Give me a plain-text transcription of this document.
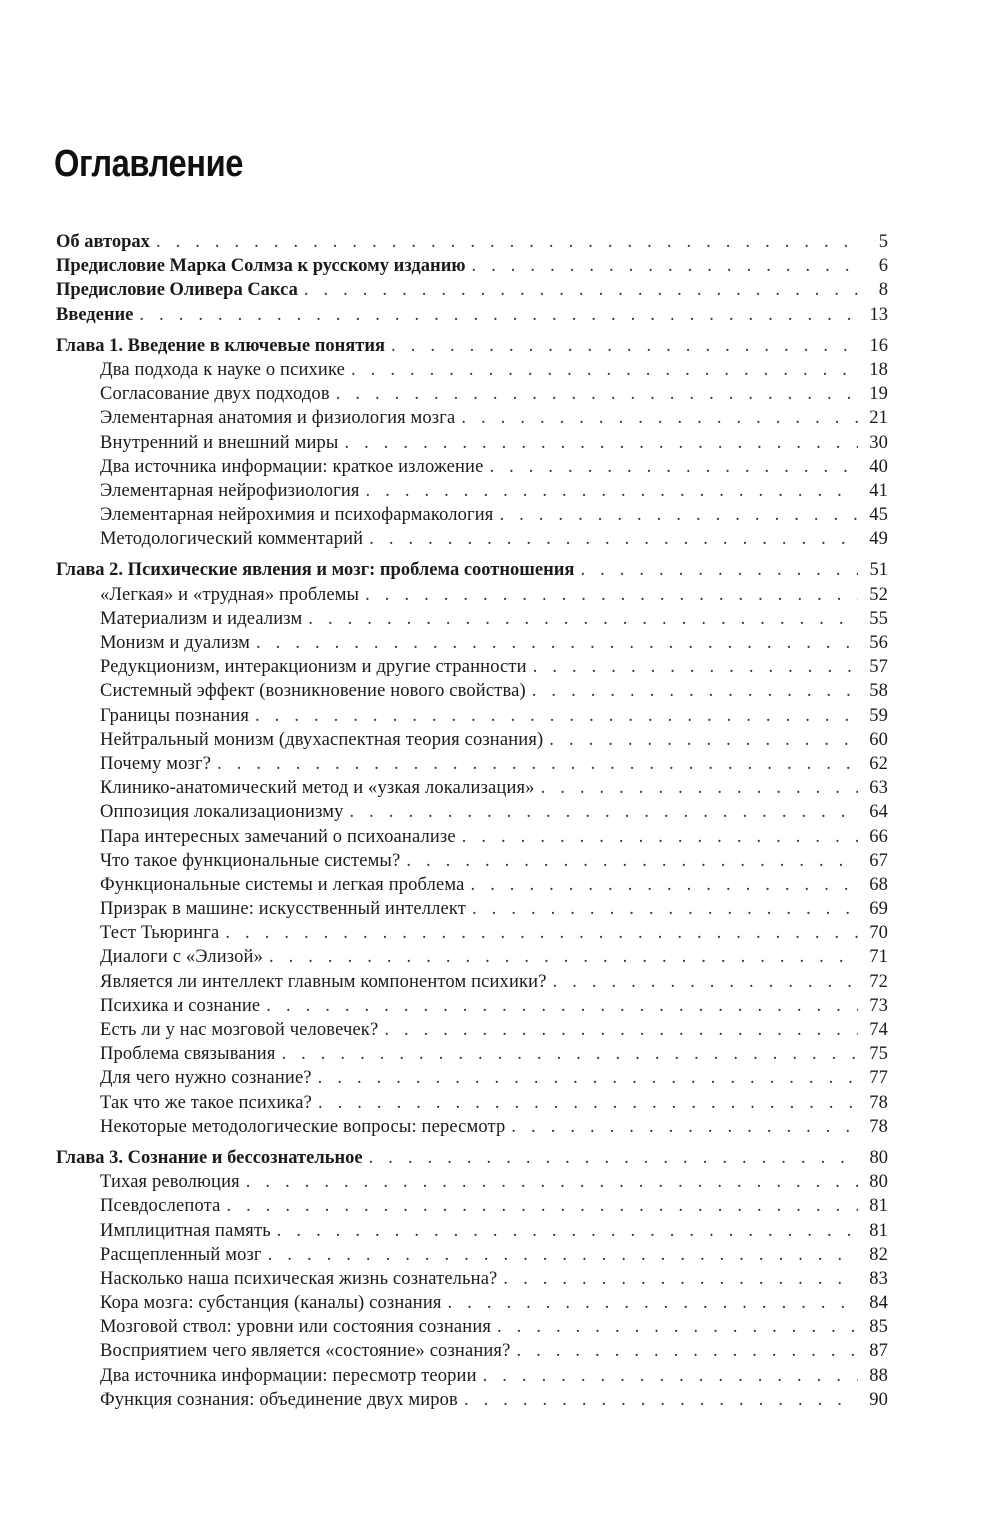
Оглавление
Об авторах . . .	5
Предисловие Марка Солмза к русскому изданию . . .	6
Предисловие Оливера Сакса . . .	8
Введение . . .	13
Глава 1. Введение в ключевые понятия . . .	16
Два подхода к науке о психике . . .	18
Согласование двух подходов . . .	19
Элементарная анатомия и физиология мозга . . .	21
Внутренний и внешний миры . . .	30
Два источника информации: краткое изложение . . .	40
Элементарная нейрофизиология . . .	41
Элементарная нейрохимия и психофармакология . . .	45
Методологический комментарий . . .	49
Глава 2. Психические явления и мозг: проблема соотношения . . .	51
«Легкая» и «трудная» проблемы . . .	52
Материализм и идеализм . . .	55
Монизм и дуализм . . .	56
Редукционизм, интеракционизм и другие странности . . .	57
Системный эффект (возникновение нового свойства) . . .	58
Границы познания . . .	59
Нейтральный монизм (двухаспектная теория сознания) . . .	60
Почему мозг? . . .	62
Клинико-анатомический метод и «узкая локализация» . . .	63
Оппозиция локализационизму . . .	64
Пара интересных замечаний о психоанализе . . .	66
Что такое функциональные системы? . . .	67
Функциональные системы и легкая проблема . . .	68
Призрак в машине: искусственный интеллект . . .	69
Тест Тьюринга . . .	70
Диалоги с «Элизой» . . .	71
Является ли интеллект главным компонентом психики? . . .	72
Психика и сознание . . .	73
Есть ли у нас мозговой человечек? . . .	74
Проблема связывания . . .	75
Для чего нужно сознание? . . .	77
Так что же такое психика? . . .	78
Некоторые методологические вопросы: пересмотр . . .	78
Глава 3. Сознание и бессознательное . . .	80
Тихая революция . . .	80
Псевдослепота . . .	81
Имплицитная память . . .	81
Расщепленный мозг . . .	82
Насколько наша психическая жизнь сознательна? . . .	83
Кора мозга: субстанция (каналы) сознания . . .	84
Мозговой ствол: уровни или состояния сознания . . .	85
Восприятием чего является «состояние» сознания? . . .	87
Два источника информации: пересмотр теории . . .	88
Функция сознания: объединение двух миров . . .	90
